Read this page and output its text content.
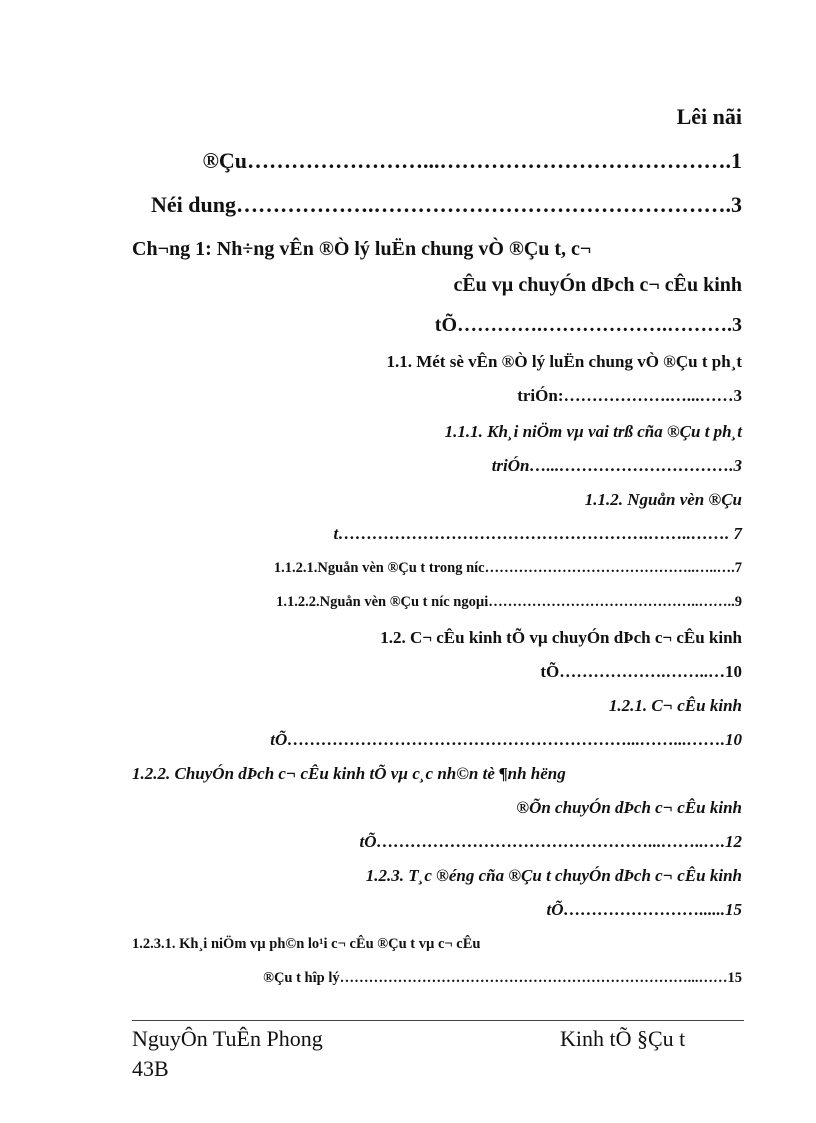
Lêi nãi
®Çu……………………...………………………………….1
Néi dung……………….………………………………………….3
Ch¬ng 1: Nh÷ng vÊn ®Ò lý luËn chung vÒ ®Çu t, c¬
cÊu vµ chuyÓn dÞch c¬ cÊu kinh
tÕ………….……………….……….3
1.1. Mét sè vÊn ®Ò lý luËn chung vÒ ®Çu t ph¸t
triÓn:……………….…...……3
1.1.1. Kh¸i niÖm vµ vai trß cña ®Çu t ph¸t
triÓn…...………………………….3
1.1.2. Nguån vèn ®Çu
t……………………………………………….……..……. 7
1.1.2.1.Nguån vèn ®Çu t trong níc……………………………………..…..….7
1.1.2.2.Nguån vèn ®Çu t níc ngoµi……………………………………..……..9
1.2. C¬ cÊu kinh tÕ vµ chuyÓn dÞch c¬ cÊu kinh
tÕ……………….……..…10
1.2.1. C¬ cÊu kinh
tÕ……………………………………………………...……...…….10
1.2.2. ChuyÓn dÞch c¬ cÊu kinh tÕ vµ c¸c nh©n tè ¶nh hëng
®Õn chuyÓn dÞch c¬ cÊu kinh
tÕ…………………………………………...……..….12
1.2.3. T¸c ®éng cña ®Çu t chuyÓn dÞch c¬ cÊu kinh
tÕ……………………......15
1.2.3.1. Kh¸i niÖm vµ ph©n lo¹i c¬ cÊu ®Çu t vµ c¬ cÊu
®Çu t hîp lý………………………………………………………………...……15
NguyÔn TuÊn Phong	Kinh tÕ §Çu t
43B
